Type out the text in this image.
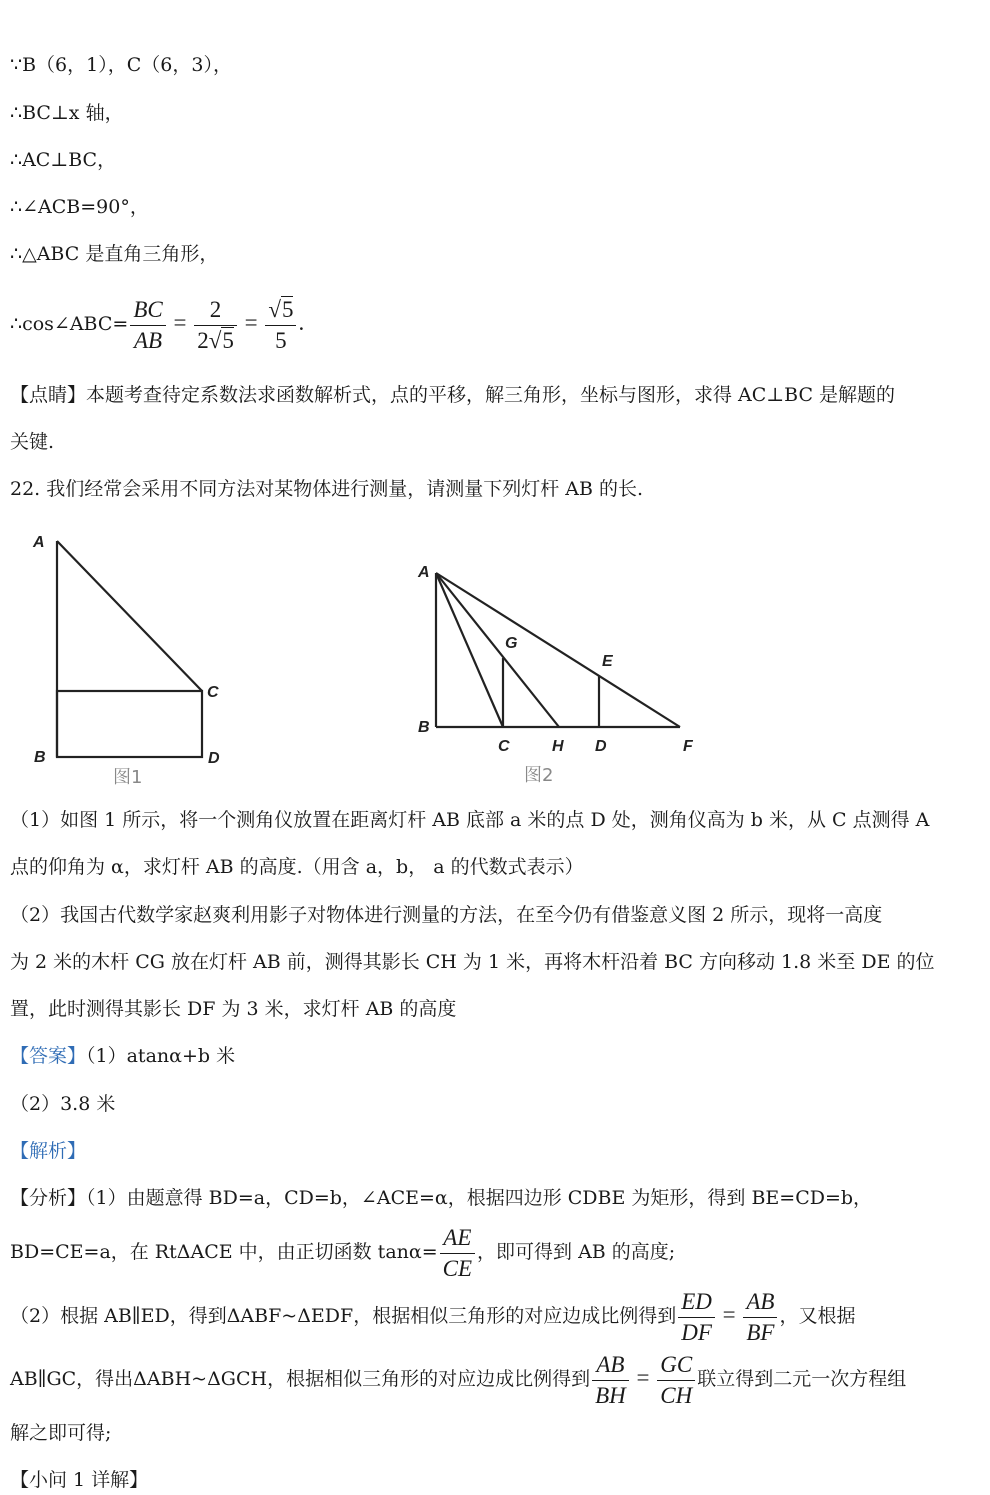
∵B（6，1），C（6，3），
∴BC⊥x 轴，
∴AC⊥BC，
∴∠ACB=90°，
∴△ABC 是直角三角形，
∴cos∠ABC= $\frac{BC}{AB} = \frac{2}{2√5} = \frac{√5}{5}$ .
【点睛】本题考查待定系数法求函数解析式，点的平移，解三角形，坐标与图形，求得 AC⊥BC 是解题的
关键.
22. 我们经常会采用不同方法对某物体进行测量，请测量下列灯杆 AB 的长.
A
C
B	D
图1
A
G
E
B
C	H D	F
图2
（1）如图 1 所示，将一个测角仪放置在距离灯杆 AB 底部 a 米的点 D 处，测角仪高为 b 米，从 C 点测得 A
点的仰角为 α，求灯杆 AB 的高度.（用含 a，b， a 的代数式表示）
（2）我国古代数学家赵爽利用影子对物体进行测量的方法，在至今仍有借鉴意义图 2 所示，现将一高度
为 2 米的木杆 CG 放在灯杆 AB 前，测得其影长 CH 为 1 米，再将木杆沿着 BC 方向移动 1.8 米至 DE 的位
置，此时测得其影长 DF 为 3 米，求灯杆 AB 的高度
【答案】（1）atanα+b 米
（2）3.8 米
【解析】
【分析】（1）由题意得 BD=a，CD=b，∠ACE=α，根据四边形 CDBE 为矩形，得到 BE=CD=b，
BD=CE=a，在 RtΔACE 中，由正切函数 $\tan\alpha= \frac{AE}{CE}$ ，即可得到 AB 的高度;
（2）根据 AB∥ED，得到ΔABF~ΔEDF，根据相似三角形的对应边成比例得到 $\frac{ED}{DF} = \frac{AB}{BF}$ ，又根据
AB∥GC，得出ΔABH~ΔGCH，根据相似三角形的对应边成比例得到 $\frac{AB}{BH} = \frac{GC}{CH}$ 联立得到二元一次方程组
解之即可得;
【小问 1 详解】
